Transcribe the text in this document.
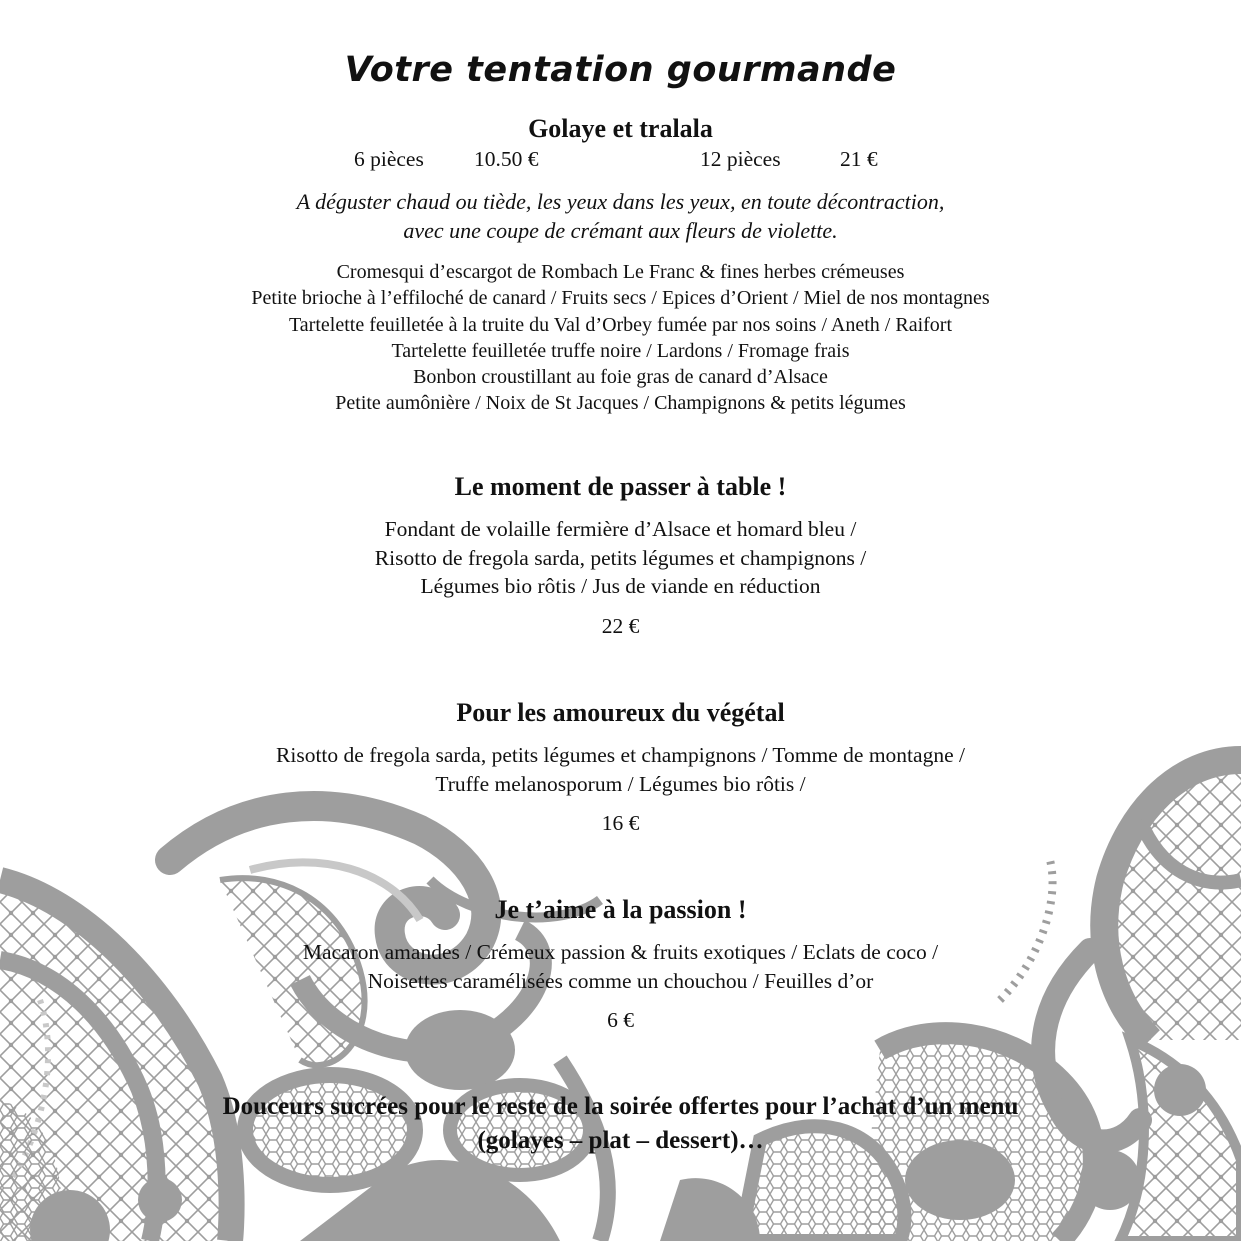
Votre tentation gourmande
Golaye et tralala
6 pièces 10.50 €	12 pièces	21 €
A déguster chaud ou tiède, les yeux dans les yeux, en toute décontraction,
avec une coupe de crémant aux fleurs de violette.
Cromesqui d’escargot de Rombach Le Franc & fines herbes crémeuses
Petite brioche à l’effiloché de canard / Fruits secs / Epices d’Orient / Miel de nos montagnes
Tartelette feuilletée à la truite du Val d’Orbey fumée par nos soins / Aneth / Raifort
Tartelette feuilletée truffe noire / Lardons / Fromage frais
Bonbon croustillant au foie gras de canard d’Alsace
Petite aumônière / Noix de St Jacques / Champignons & petits légumes
Le moment de passer à table !
Fondant de volaille fermière d’Alsace et homard bleu /
Risotto de fregola sarda, petits légumes et champignons /
Légumes bio rôtis / Jus de viande en réduction
22 €
Pour les amoureux du végétal
Risotto de fregola sarda, petits légumes et champignons / Tomme de montagne /
Truffe melanosporum / Légumes bio rôtis /
16 €
Je t’aime à la passion !
Macaron amandes / Crémeux passion & fruits exotiques / Eclats de coco /
Noisettes caramélisées comme un chouchou / Feuilles d’or
6 €
Douceurs sucrées pour le reste de la soirée offertes pour l’achat d’un menu
(golayes – plat – dessert)…
